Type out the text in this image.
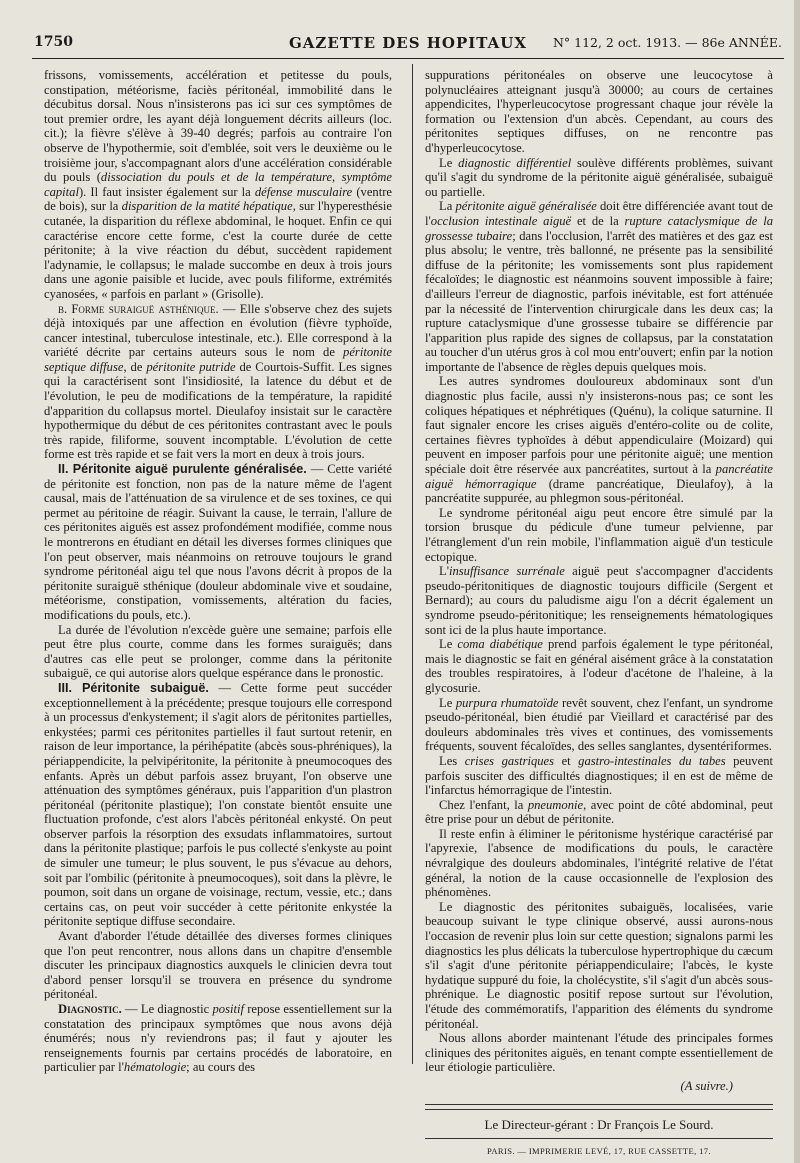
1750	GAZETTE DES HOPITAUX	N° 112, 2 oct. 1913. — 86e ANNÉE.

frissons, vomissements, accélération et petitesse du pouls, constipation, météorisme, faciès péritonéal, immobilité dans le décubitus dorsal. Nous n'insisterons pas ici sur ces symptômes de tout premier ordre, les ayant déjà longuement décrits ailleurs (loc. cit.); la fièvre s'élève à 39-40 degrés; parfois au contraire l'on observe de l'hypothermie, soit d'emblée, soit vers le deuxième ou le troisième jour, s'accompagnant alors d'une accélération considérable du pouls (dissociation du pouls et de la température, symptôme capital). Il faut insister également sur la défense musculaire (ventre de bois), sur la disparition de la matité hépatique, sur l'hyperesthésie cutanée, la disparition du réflexe abdominal, le hoquet. Enfin ce qui caractérise encore cette forme, c'est la courte durée de cette péritonite; à la vive réaction du début, succèdent rapidement l'adynamie, le collapsus; le malade succombe en deux à trois jours dans une agonie paisible et lucide, avec pouls filiforme, extrémités cyanosées, « parfois en parlant » (Grisolle).

b. Forme suraiguë asthénique. — Elle s'observe chez des sujets déjà intoxiqués par une affection en évolution (fièvre typhoïde, cancer intestinal, tuberculose intestinale, etc.). Elle correspond à la variété décrite par certains auteurs sous le nom de péritonite septique diffuse, de péritonite putride de Courtois-Suffit. Les signes qui la caractérisent sont l'insidiosité, la latence du début et de l'évolution, le peu de modifications de la température, la rapidité d'apparition du collapsus mortel. Dieulafoy insistait sur le caractère hypothermique du début de ces péritonites contrastant avec le pouls très rapide, filiforme, souvent incomptable. L'évolution de cette forme est très rapide et se fait vers la mort en deux à trois jours.

II. Péritonite aiguë purulente généralisée. — Cette variété de péritonite est fonction, non pas de la nature même de l'agent causal, mais de l'atténuation de sa virulence et de ses toxines, ce qui permet au péritoine de réagir. Suivant la cause, le terrain, l'allure de ces péritonites aiguës est assez profondément modifiée, comme nous le montrerons en étudiant en détail les diverses formes cliniques que l'on peut observer, mais néanmoins on retrouve toujours le grand syndrome péritonéal aigu tel que nous l'avons décrit à propos de la péritonite suraiguë sthénique (douleur abdominale vive et soudaine, météorisme, constipation, vomissements, altération du facies, modifications du pouls, etc.).

La durée de l'évolution n'excède guère une semaine; parfois elle peut être plus courte, comme dans les formes suraiguës; dans d'autres cas elle peut se prolonger, comme dans la péritonite subaiguë, ce qui autorise alors quelque espérance dans le pronostic.

III. Péritonite subaiguë. — Cette forme peut succéder exceptionnellement à la précédente; presque toujours elle correspond à un processus d'enkystement; il s'agit alors de péritonites partielles, enkystées; parmi ces péritonites partielles il faut surtout retenir, en raison de leur importance, la périhépatite (abcès sous-phréniques), la périappendicite, la pelvipéritonite, la péritonite à pneumocoques des enfants. Après un début parfois assez bruyant, l'on observe une atténuation des symptômes généraux, puis l'apparition d'un plastron péritonéal (péritonite plastique); l'on constate bientôt ensuite une fluctuation profonde, c'est alors l'abcès péritonéal enkysté. On peut observer parfois la résorption des exsudats inflammatoires, surtout dans la péritonite plastique; parfois le pus collecté s'enkyste au point de simuler une tumeur; le plus souvent, le pus s'évacue au dehors, soit par l'ombilic (péritonite à pneumocoques), soit dans la plèvre, le poumon, soit dans un organe de voisinage, rectum, vessie, etc.; dans certains cas, on peut voir succéder à cette péritonite enkystée la péritonite septique diffuse secondaire.

Avant d'aborder l'étude détaillée des diverses formes cliniques que l'on peut rencontrer, nous allons dans un chapitre d'ensemble discuter les principaux diagnostics auxquels le clinicien devra tout d'abord penser lorsqu'il se trouvera en présence du syndrome péritonéal.

Diagnostic. — Le diagnostic positif repose essentiellement sur la constatation des principaux symptômes que nous avons déjà énumérés; nous n'y reviendrons pas; il faut y ajouter les renseignements fournis par certains procédés de laboratoire, en particulier par l'hématologie; au cours des

suppurations péritonéales on observe une leucocytose à polynucléaires atteignant jusqu'à 30000; au cours de certaines appendicites, l'hyperleucocytose progressant chaque jour révèle la formation ou l'extension d'un abcès. Cependant, au cours des péritonites septiques diffuses, on ne rencontre pas d'hyperleucocytose.

Le diagnostic différentiel soulève différents problèmes, suivant qu'il s'agit du syndrome de la péritonite aiguë généralisée, subaiguë ou partielle.

La péritonite aiguë généralisée doit être différenciée avant tout de l'occlusion intestinale aiguë et de la rupture cataclysmique de la grossesse tubaire; dans l'occlusion, l'arrêt des matières et des gaz est plus absolu; le ventre, très ballonné, ne présente pas la sensibilité diffuse de la péritonite; les vomissements sont plus rapidement fécaloïdes; le diagnostic est néanmoins souvent impossible à faire; d'ailleurs l'erreur de diagnostic, parfois inévitable, est fort atténuée par la nécessité de l'intervention chirurgicale dans les deux cas; la rupture cataclysmique d'une grossesse tubaire se différencie par l'apparition plus rapide des signes de collapsus, par la constatation au toucher d'un utérus gros à col mou entr'ouvert; enfin par la notion importante de l'absence de règles depuis quelques mois.

Les autres syndromes douloureux abdominaux sont d'un diagnostic plus facile, aussi n'y insisterons-nous pas; ce sont les coliques hépatiques et néphrétiques (Quénu), la colique saturnine. Il faut signaler encore les crises aiguës d'entéro-colite ou de colite, certaines fièvres typhoïdes à début appendiculaire (Moizard) qui peuvent en imposer parfois pour une péritonite aiguë; une mention spéciale doit être réservée aux pancréatites, surtout à la pancréatite aiguë hémorragique (drame pancréatique, Dieulafoy), à la pancréatite suppurée, au phlegmon sous-péritonéal.

Le syndrome péritonéal aigu peut encore être simulé par la torsion brusque du pédicule d'une tumeur pelvienne, par l'étranglement d'un rein mobile, l'inflammation aiguë d'un testicule ectopique.

L'insuffisance surrénale aiguë peut s'accompagner d'accidents pseudo-péritonitiques de diagnostic toujours difficile (Sergent et Bernard); au cours du paludisme aigu l'on a décrit également un syndrome pseudo-péritonitique; les renseignements hématologiques sont ici de la plus haute importance.

Le coma diabétique prend parfois également le type péritonéal, mais le diagnostic se fait en général aisément grâce à la constatation des troubles respiratoires, à l'odeur d'acétone de l'haleine, à la glycosurie.

Le purpura rhumatoïde revêt souvent, chez l'enfant, un syndrome pseudo-péritonéal, bien étudié par Vieillard et caractérisé par des douleurs abdominales très vives et continues, des vomissements fréquents, souvent fécaloïdes, des selles sanglantes, dysentériformes.

Les crises gastriques et gastro-intestinales du tabes peuvent parfois susciter des difficultés diagnostiques; il en est de même de l'infarctus hémorragique de l'intestin.

Chez l'enfant, la pneumonie, avec point de côté abdominal, peut être prise pour un début de péritonite.

Il reste enfin à éliminer le péritonisme hystérique caractérisé par l'apyrexie, l'absence de modifications du pouls, le caractère névralgique des douleurs abdominales, l'intégrité relative de l'état général, la notion de la cause occasionnelle de l'explosion des phénomènes.

Le diagnostic des péritonites subaiguës, localisées, varie beaucoup suivant le type clinique observé, aussi aurons-nous l'occasion de revenir plus loin sur cette question; signalons parmi les diagnostics les plus délicats la tuberculose hypertrophique du cæcum s'il s'agit d'une péritonite périappendiculaire; l'abcès, le kyste hydatique suppuré du foie, la cholécystite, s'il s'agit d'un abcès sous-phrénique. Le diagnostic positif repose surtout sur l'évolution, l'étude des commémoratifs, l'apparition des éléments du syndrome péritonéal.

Nous allons aborder maintenant l'étude des principales formes cliniques des péritonites aiguës, en tenant compte essentiellement de leur étiologie particulière.

(A suivre.)
Le Directeur-gérant : Dr François Le Sourd.
PARIS. — IMPRIMERIE LEVÉ, 17, RUE CASSETTE, 17.
